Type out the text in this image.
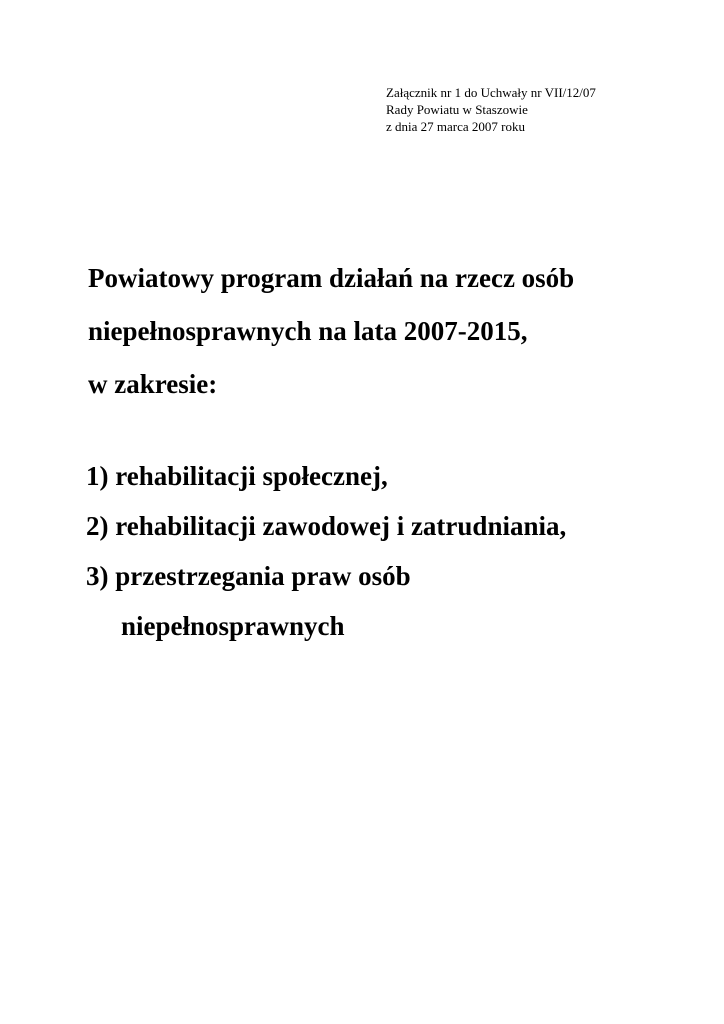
Załącznik nr 1 do Uchwały nr VII/12/07
Rady Powiatu w Staszowie
z dnia 27 marca 2007 roku
Powiatowy program działań na rzecz osób
niepełnosprawnych na lata 2007-2015,
w zakresie:
1) rehabilitacji społecznej,
2) rehabilitacji zawodowej i zatrudniania,
3) przestrzegania praw osób
niepełnosprawnych
